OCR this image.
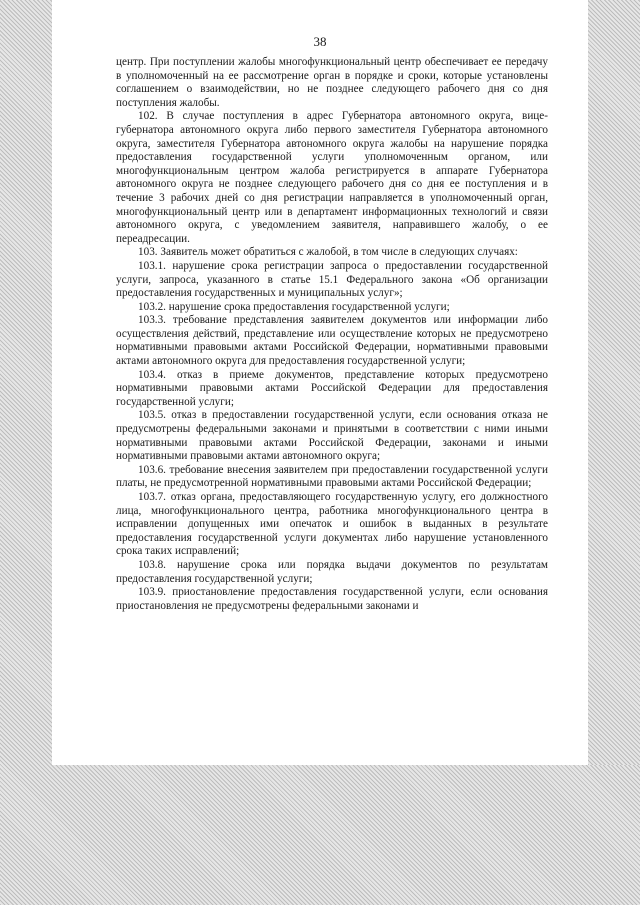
38

центр. При поступлении жалобы многофункциональный центр обеспечивает ее передачу в уполномоченный на ее рассмотрение орган в порядке и сроки, которые установлены соглашением о взаимодействии, но не позднее следующего рабочего дня со дня поступления жалобы.

102. В случае поступления в адрес Губернатора автономного округа, вице-губернатора автономного округа либо первого заместителя Губернатора автономного округа, заместителя Губернатора автономного округа жалобы на нарушение порядка предоставления государственной услуги уполномоченным органом, или многофункциональным центром жалоба регистрируется в аппарате Губернатора автономного округа не позднее следующего рабочего дня со дня ее поступления и в течение 3 рабочих дней со дня регистрации направляется в уполномоченный орган, многофункциональный центр или в департамент информационных технологий и связи автономного округа, с уведомлением заявителя, направившего жалобу, о ее переадресации.

103. Заявитель может обратиться с жалобой, в том числе в следующих случаях:

103.1. нарушение срока регистрации запроса о предоставлении государственной услуги, запроса, указанного в статье 15.1 Федерального закона «Об организации предоставления государственных и муниципальных услуг»;

103.2. нарушение срока предоставления государственной услуги;

103.3. требование представления заявителем документов или информации либо осуществления действий, представление или осуществление которых не предусмотрено нормативными правовыми актами Российской Федерации, нормативными правовыми актами автономного округа для предоставления государственной услуги;

103.4. отказ в приеме документов, представление которых предусмотрено нормативными правовыми актами Российской Федерации для предоставления государственной услуги;

103.5. отказ в предоставлении государственной услуги, если основания отказа не предусмотрены федеральными законами и принятыми в соответствии с ними иными нормативными правовыми актами Российской Федерации, законами и иными нормативными правовыми актами автономного округа;

103.6. требование внесения заявителем при предоставлении государственной услуги платы, не предусмотренной нормативными правовыми актами Российской Федерации;

103.7. отказ органа, предоставляющего государственную услугу, его должностного лица, многофункционального центра, работника многофункционального центра в исправлении допущенных ими опечаток и ошибок в выданных в результате предоставления государственной услуги документах либо нарушение установленного срока таких исправлений;

103.8. нарушение срока или порядка выдачи документов по результатам предоставления государственной услуги;

103.9. приостановление предоставления государственной услуги, если основания приостановления не предусмотрены федеральными законами и
